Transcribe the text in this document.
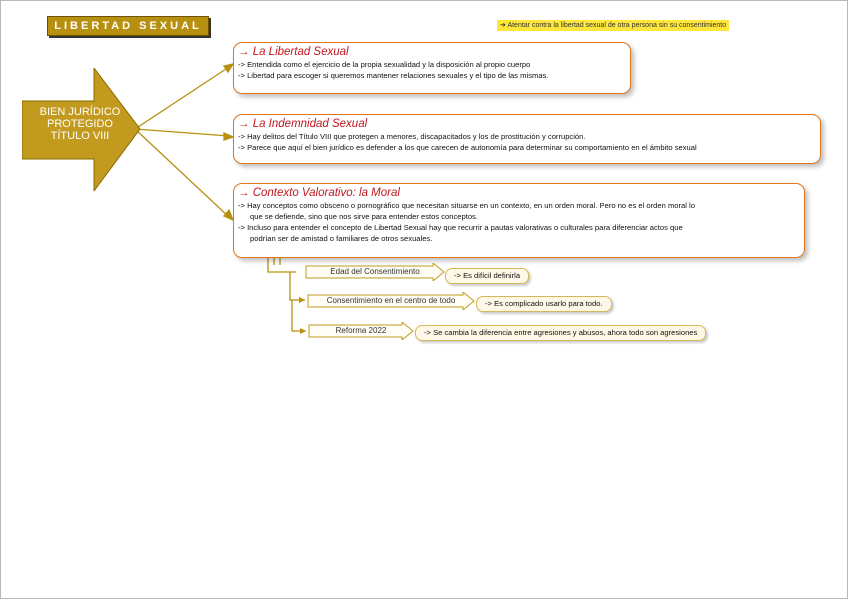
LIBERTAD SEXUAL	➔ Atentar contra la libertad sexual de otra persona sin su consentimiento
BIEN JURÍDICO
PROTEGIDO
TÍTULO VIII
→ La Libertad Sexual
-> Entendida como el ejercicio de la propia sexualidad y la disposición al propio cuerpo
-> Libertad para escoger si queremos mantener relaciones sexuales y el tipo de las mismas.
→ La Indemnidad Sexual
-> Hay delitos del Título VIII que protegen a menores, discapacitados y los de prostitución y corrupción.
-> Parece que aquí el bien jurídico es defender a los que carecen de autonomía para determinar su comportamiento en el ámbito sexual
→ Contexto Valorativo: la Moral
-> Hay conceptos como obsceno o pornográfico que necesitan situarse en un contexto, en un orden moral. Pero no es el orden moral lo
que se defiende, sino que nos sirve para entender estos conceptos.
-> Incluso para entender el concepto de Libertad Sexual hay que recurrir a pautas valorativas o culturales para diferenciar actos que
podrían ser de amistad o familiares de otros sexuales.
Edad del Consentimiento	-> Es difícil definirla
Consentimiento en el centro de todo	-> Es complicado usarlo para todo.
Reforma 2022	-> Se cambia la diferencia entre agresiones y abusos, ahora todo son agresiones
